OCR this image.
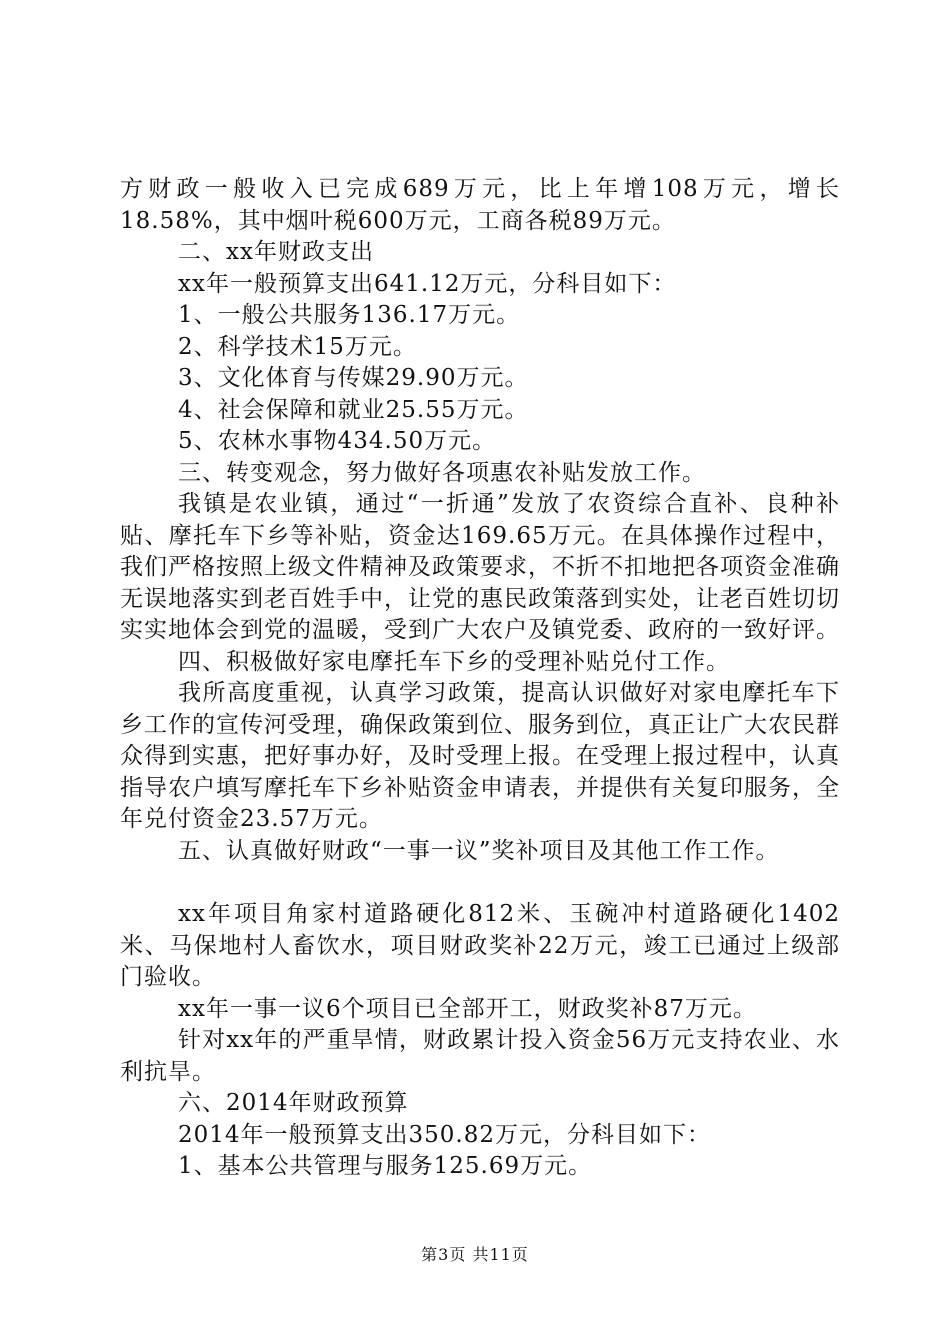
方财政一般收入已完成689万元，比上年增108万元，增长18.58%，其中烟叶税600万元，工商各税89万元。

二、xx年财政支出

xx年一般预算支出641.12万元，分科目如下：

1、一般公共服务136.17万元。

2、科学技术15万元。

3、文化体育与传媒29.90万元。

4、社会保障和就业25.55万元。

5、农林水事物434.50万元。

三、转变观念，努力做好各项惠农补贴发放工作。

我镇是农业镇，通过“一折通”发放了农资综合直补、良种补贴、摩托车下乡等补贴，资金达169.65万元。在具体操作过程中，我们严格按照上级文件精神及政策要求，不折不扣地把各项资金准确无误地落实到老百姓手中，让党的惠民政策落到实处，让老百姓切切实实地体会到党的温暖，受到广大农户及镇党委、政府的一致好评。

四、积极做好家电摩托车下乡的受理补贴兑付工作。

我所高度重视，认真学习政策，提高认识做好对家电摩托车下乡工作的宣传河受理，确保政策到位、服务到位，真正让广大农民群众得到实惠，把好事办好，及时受理上报。在受理上报过程中，认真指导农户填写摩托车下乡补贴资金申请表，并提供有关复印服务，全年兑付资金23.57万元。

五、认真做好财政“一事一议”奖补项目及其他工作工作。

xx年项目角家村道路硬化812米、玉碗冲村道路硬化1402米、马保地村人畜饮水，项目财政奖补22万元，竣工已通过上级部门验收。

xx年一事一议6个项目已全部开工，财政奖补87万元。

针对xx年的严重旱情，财政累计投入资金56万元支持农业、水利抗旱。

六、2014年财政预算

2014年一般预算支出350.82万元，分科目如下：

1、基本公共管理与服务125.69万元。

第3页 共11页
